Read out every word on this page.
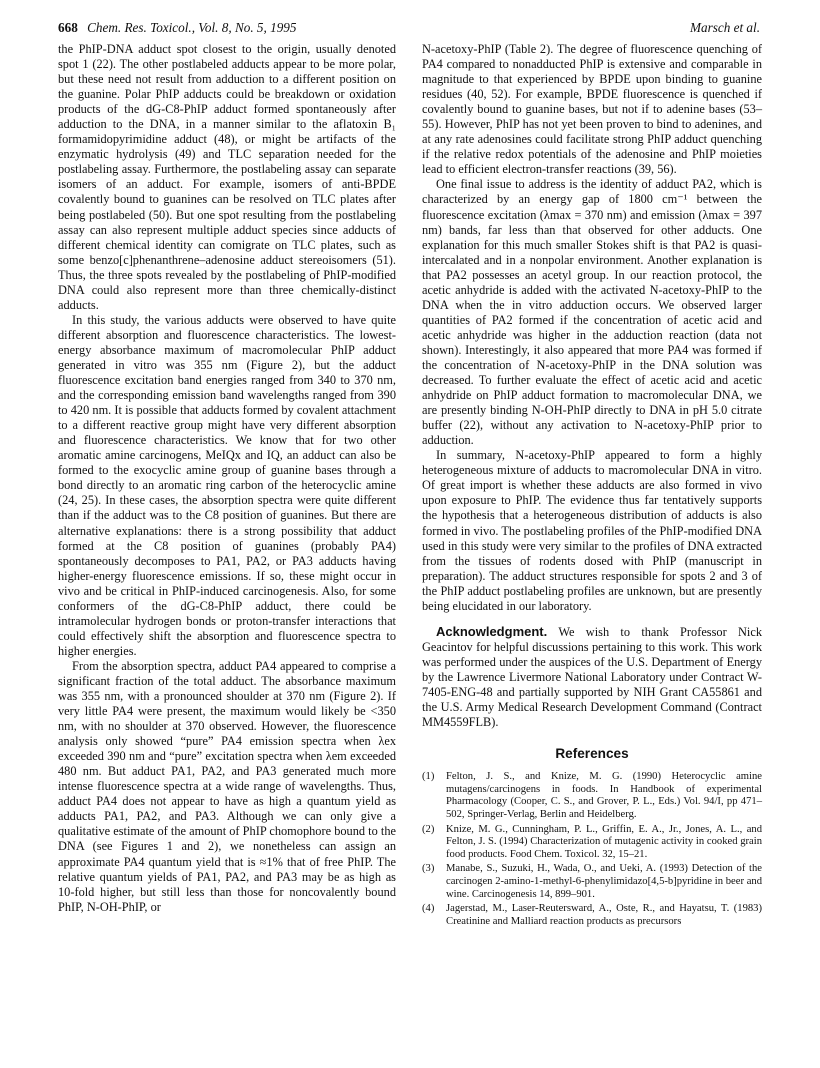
668 Chem. Res. Toxicol., Vol. 8, No. 5, 1995	Marsch et al.

the PhIP-DNA adduct spot closest to the origin, usually denoted spot 1 (22). The other postlabeled adducts appear to be more polar, but these need not result from adduction to a different position on the guanine. Polar PhIP adducts could be breakdown or oxidation products of the dG-C8-PhIP adduct formed spontaneously after adduction to the DNA, in a manner similar to the aflatoxin B₁ formamidopyrimidine adduct (48), or might be artifacts of the enzymatic hydrolysis (49) and TLC separation needed for the postlabeling assay. Furthermore, the postlabeling assay can separate isomers of an adduct. For example, isomers of anti-BPDE covalently bound to guanines can be resolved on TLC plates after being postlabeled (50). But one spot resulting from the postlabeling assay can also represent multiple adduct species since adducts of different chemical identity can comigrate on TLC plates, such as some benzo[c]phenanthrene–adenosine adduct stereoisomers (51). Thus, the three spots revealed by the postlabeling of PhIP-modified DNA could also represent more than three chemically-distinct adducts.

In this study, the various adducts were observed to have quite different absorption and fluorescence characteristics. The lowest-energy absorbance maximum of macromolecular PhIP adduct generated in vitro was 355 nm (Figure 2), but the adduct fluorescence excitation band energies ranged from 340 to 370 nm, and the corresponding emission band wavelengths ranged from 390 to 420 nm. It is possible that adducts formed by covalent attachment to a different reactive group might have very different absorption and fluorescence characteristics. We know that for two other aromatic amine carcinogens, MeIQx and IQ, an adduct can also be formed to the exocyclic amine group of guanine bases through a bond directly to an aromatic ring carbon of the heterocyclic amine (24, 25). In these cases, the absorption spectra were quite different than if the adduct was to the C8 position of guanines. But there are alternative explanations: there is a strong possibility that adduct formed at the C8 position of guanines (probably PA4) spontaneously decomposes to PA1, PA2, or PA3 adducts having higher-energy fluorescence emissions. If so, these might occur in vivo and be critical in PhIP-induced carcinogenesis. Also, for some conformers of the dG-C8-PhIP adduct, there could be intramolecular hydrogen bonds or proton-transfer interactions that could effectively shift the absorption and fluorescence spectra to higher energies.

From the absorption spectra, adduct PA4 appeared to comprise a significant fraction of the total adduct. The absorbance maximum was 355 nm, with a pronounced shoulder at 370 nm (Figure 2). If very little PA4 were present, the maximum would likely be <350 nm, with no shoulder at 370 observed. However, the fluorescence analysis only showed “pure” PA4 emission spectra when λex exceeded 390 nm and “pure” excitation spectra when λem exceeded 480 nm. But adduct PA1, PA2, and PA3 generated much more intense fluorescence spectra at a wide range of wavelengths. Thus, adduct PA4 does not appear to have as high a quantum yield as adducts PA1, PA2, and PA3. Although we can only give a qualitative estimate of the amount of PhIP chomophore bound to the DNA (see Figures 1 and 2), we nonetheless can assign an approximate PA4 quantum yield that is ≈1% that of free PhIP. The relative quantum yields of PA1, PA2, and PA3 may be as high as 10-fold higher, but still less than those for noncovalently bound PhIP, N-OH-PhIP, or

N-acetoxy-PhIP (Table 2). The degree of fluorescence quenching of PA4 compared to nonadducted PhIP is extensive and comparable in magnitude to that experienced by BPDE upon binding to guanine residues (40, 52). For example, BPDE fluorescence is quenched if covalently bound to guanine bases, but not if to adenine bases (53–55). However, PhIP has not yet been proven to bind to adenines, and at any rate adenosines could facilitate strong PhIP adduct quenching if the relative redox potentials of the adenosine and PhIP moieties lead to efficient electron-transfer reactions (39, 56).

One final issue to address is the identity of adduct PA2, which is characterized by an energy gap of 1800 cm⁻¹ between the fluorescence excitation (λmax = 370 nm) and emission (λmax = 397 nm) bands, far less than that observed for other adducts. One explanation for this much smaller Stokes shift is that PA2 is quasi-intercalated and in a nonpolar environment. Another explanation is that PA2 possesses an acetyl group. In our reaction protocol, the acetic anhydride is added with the activated N-acetoxy-PhIP to the DNA when the in vitro adduction occurs. We observed larger quantities of PA2 formed if the concentration of acetic acid and acetic anhydride was higher in the adduction reaction (data not shown). Interestingly, it also appeared that more PA4 was formed if the concentration of N-acetoxy-PhIP in the DNA solution was decreased. To further evaluate the effect of acetic acid and acetic anhydride on PhIP adduct formation to macromolecular DNA, we are presently binding N-OH-PhIP directly to DNA in pH 5.0 citrate buffer (22), without any activation to N-acetoxy-PhIP prior to adduction.

In summary, N-acetoxy-PhIP appeared to form a highly heterogeneous mixture of adducts to macromolecular DNA in vitro. Of great import is whether these adducts are also formed in vivo upon exposure to PhIP. The evidence thus far tentatively supports the hypothesis that a heterogeneous distribution of adducts is also formed in vivo. The postlabeling profiles of the PhIP-modified DNA used in this study were very similar to the profiles of DNA extracted from the tissues of rodents dosed with PhIP (manuscript in preparation). The adduct structures responsible for spots 2 and 3 of the PhIP adduct postlabeling profiles are unknown, but are presently being elucidated in our laboratory.

Acknowledgment. We wish to thank Professor Nick Geacintov for helpful discussions pertaining to this work. This work was performed under the auspices of the U.S. Department of Energy by the Lawrence Livermore National Laboratory under Contract W-7405-ENG-48 and partially supported by NIH Grant CA55861 and the U.S. Army Medical Research Development Command (Contract MM4559FLB).

References
(1)	Felton, J. S., and Knize, M. G. (1990) Heterocyclic amine mutagens/carcinogens in foods. In Handbook of experimental Pharmacology (Cooper, C. S., and Grover, P. L., Eds.) Vol. 94/I, pp 471–502, Springer-Verlag, Berlin and Heidelberg.
(2)	Knize, M. G., Cunningham, P. L., Griffin, E. A., Jr., Jones, A. L., and Felton, J. S. (1994) Characterization of mutagenic activity in cooked grain food products. Food Chem. Toxicol. 32, 15–21.
(3)	Manabe, S., Suzuki, H., Wada, O., and Ueki, A. (1993) Detection of the carcinogen 2-amino-1-methyl-6-phenylimidazo[4,5-b]pyridine in beer and wine. Carcinogenesis 14, 899–901.
(4)	Jagerstad, M., Laser-Reutersward, A., Oste, R., and Hayatsu, T. (1983) Creatinine and Malliard reaction products as precursors
